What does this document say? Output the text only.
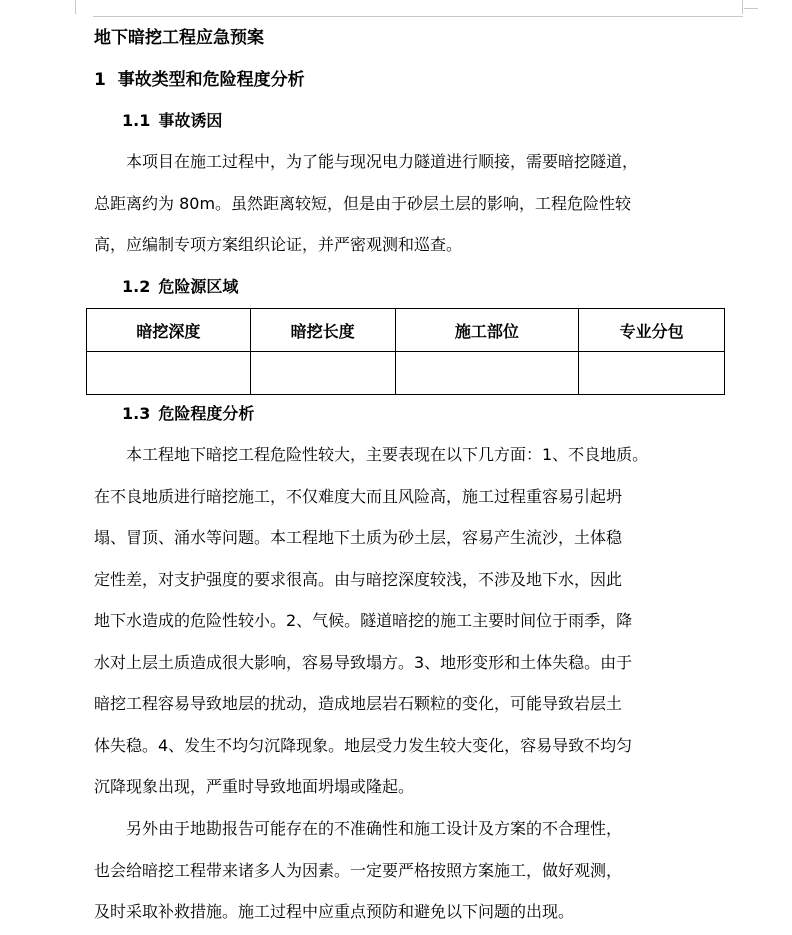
地下暗挖工程应急预案
1 事故类型和危险程度分析
1.1 事故诱因

本项目在施工过程中，为了能与现况电力隧道进行顺接，需要暗挖隧道，
总距离约为 80m。虽然距离较短，但是由于砂层土层的影响，工程危险性较
高，应编制专项方案组织论证，并严密观测和巡查。

1.2 危险源区域
暗挖深度	暗挖长度	施工部位	专业分包

1.3 危险程度分析

本工程地下暗挖工程危险性较大，主要表现在以下几方面：1、不良地质。
在不良地质进行暗挖施工，不仅难度大而且风险高，施工过程重容易引起坍
塌、冒顶、涌水等问题。本工程地下土质为砂土层，容易产生流沙，土体稳
定性差，对支护强度的要求很高。由与暗挖深度较浅，不涉及地下水，因此
地下水造成的危险性较小。2、气候。隧道暗挖的施工主要时间位于雨季，降
水对上层土质造成很大影响，容易导致塌方。3、地形变形和土体失稳。由于
暗挖工程容易导致地层的扰动，造成地层岩石颗粒的变化，可能导致岩层土
体失稳。4、发生不均匀沉降现象。地层受力发生较大变化，容易导致不均匀
沉降现象出现，严重时导致地面坍塌或隆起。

另外由于地勘报告可能存在的不准确性和施工设计及方案的不合理性，
也会给暗挖工程带来诸多人为因素。一定要严格按照方案施工，做好观测，
及时采取补救措施。施工过程中应重点预防和避免以下问题的出现。
